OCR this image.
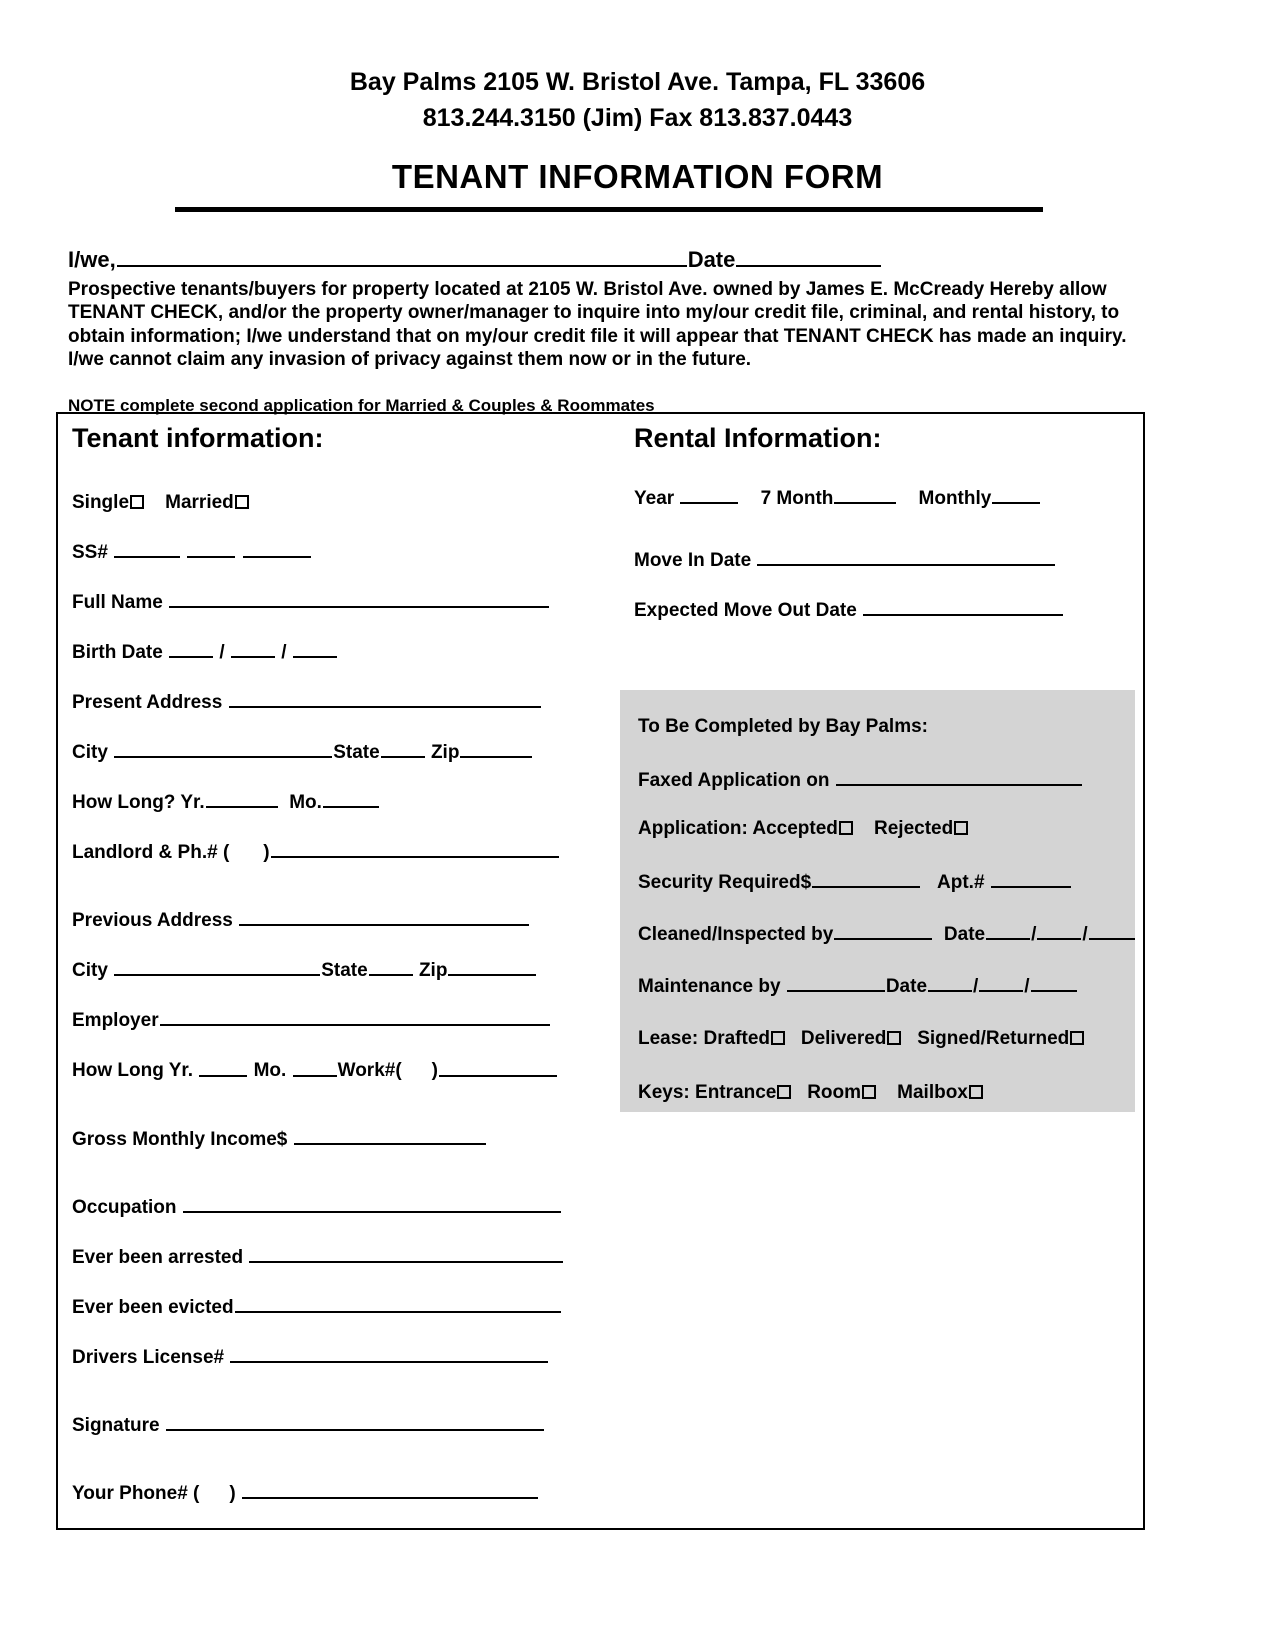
Bay Palms 2105 W. Bristol Ave. Tampa, FL 33606
813.244.3150 (Jim) Fax 813.837.0443
TENANT INFORMATION FORM
I/we,	Date
Prospective tenants/buyers for property located at 2105 W. Bristol Ave. owned by James E. McCready Hereby allow TENANT CHECK, and/or the property owner/manager to inquire into my/our credit file, criminal, and rental history, to obtain information; I/we understand that on my/our credit file it will appear that TENANT CHECK has made an inquiry. I/we cannot claim any invasion of privacy against them now or in the future.
NOTE complete second application for Married & Couples & Roommates
Tenant information:
Single Married
SS#
Full Name
Birth Date	/  /
Present Address
City	State	Zip
How Long? Yr.	Mo.
Landlord & Ph.# ( )
Previous Address
City	State	Zip
Employer
How Long Yr.	Mo.	Work#( )
Gross Monthly Income$
Occupation
Ever been arrested
Ever been evicted
Drivers License#
Signature
Your Phone# ( )
Rental Information:
Year	7 Month	Monthly
Move In Date
Expected Move Out Date
To Be Completed by Bay Palms:
Faxed Application on
Application: Accepted Rejected
Security Required$	Apt.#
Cleaned/Inspected by	Date / /
Maintenance by	Date / /
Lease: Drafted Delivered Signed/Returned
Keys: Entrance Room Mailbox
